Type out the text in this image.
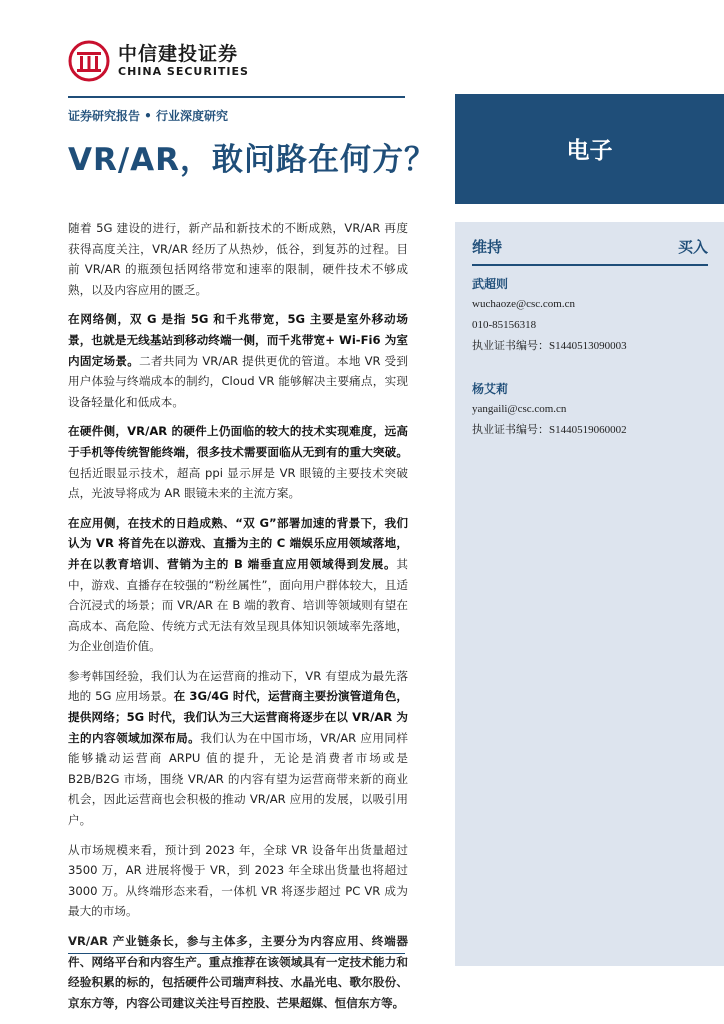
中信建投证券
CHINA SECURITIES
证券研究报告 • 行业深度研究
VR/AR，敢问路在何方？	电子
维持	买入
武超则
wuchaoze@csc.com.cn
010-85156318
执业证书编号：S1440513090003
杨艾莉
yangaili@csc.com.cn
执业证书编号：S1440519060002

随着 5G 建设的进行，新产品和新技术的不断成熟，VR/AR 再度获得高度关注，VR/AR 经历了从热炒，低谷，到复苏的过程。目前 VR/AR 的瓶颈包括网络带宽和速率的限制，硬件技术不够成熟，以及内容应用的匮乏。

在网络侧，双 G 是指 5G 和千兆带宽，5G 主要是室外移动场景，也就是无线基站到移动终端一侧，而千兆带宽+ Wi-Fi6 为室内固定场景。二者共同为 VR/AR 提供更优的管道。本地 VR 受到用户体验与终端成本的制约，Cloud VR 能够解决主要痛点，实现设备轻量化和低成本。

在硬件侧，VR/AR 的硬件上仍面临的较大的技术实现难度，远高于手机等传统智能终端，很多技术需要面临从无到有的重大突破。包括近眼显示技术，超高 ppi 显示屏是 VR 眼镜的主要技术突破点，光波导将成为 AR 眼镜未来的主流方案。

在应用侧，在技术的日趋成熟、“双 G”部署加速的背景下，我们认为 VR 将首先在以游戏、直播为主的 C 端娱乐应用领域落地，并在以教育培训、营销为主的 B 端垂直应用领域得到发展。其中，游戏、直播存在较强的“粉丝属性”，面向用户群体较大，且适合沉浸式的场景；而 VR/AR 在 B 端的教育、培训等领域则有望在高成本、高危险、传统方式无法有效呈现具体知识领域率先落地，为企业创造价值。

参考韩国经验，我们认为在运营商的推动下，VR 有望成为最先落地的 5G 应用场景。在 3G/4G 时代，运营商主要扮演管道角色，提供网络；5G 时代，我们认为三大运营商将逐步在以 VR/AR 为主的内容领域加深布局。我们认为在中国市场，VR/AR 应用同样能够撬动运营商 ARPU 值的提升，无论是消费者市场或是 B2B/B2G 市场，围绕 VR/AR 的内容有望为运营商带来新的商业机会，因此运营商也会积极的推动 VR/AR 应用的发展，以吸引用户。

从市场规模来看，预计到 2023 年，全球 VR 设备年出货量超过 3500 万，AR 进展将慢于 VR，到 2023 年全球出货量也将超过 3000 万。从终端形态来看，一体机 VR 将逐步超过 PC VR 成为最大的市场。

VR/AR 产业链条长，参与主体多，主要分为内容应用、终端器件、网络平台和内容生产。重点推荐在该领域具有一定技术能力和经验积累的标的，包括硬件公司瑞声科技、水晶光电、歌尔股份、京东方等，内容公司建议关注号百控股、芒果超媒、恒信东方等。
